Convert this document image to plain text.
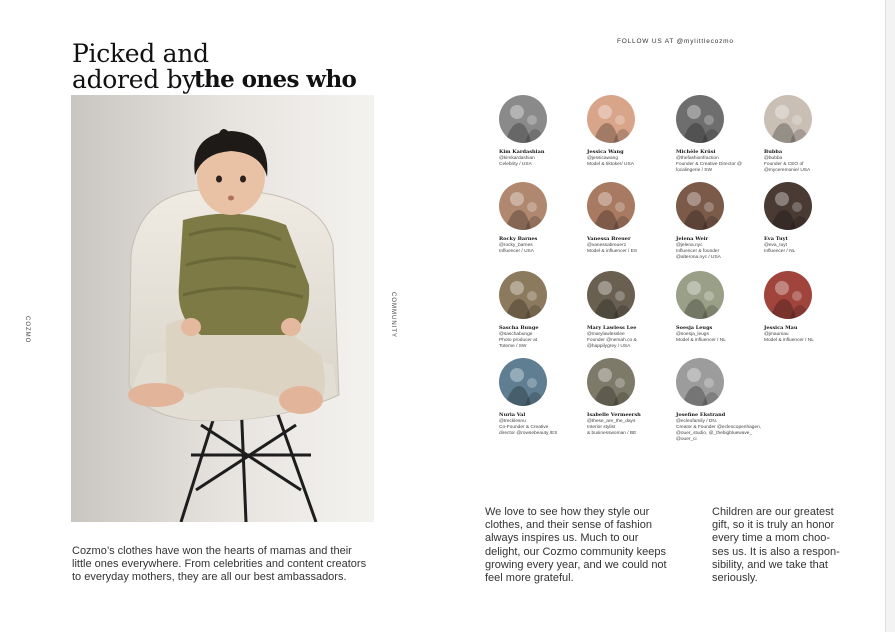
Picked and
adored by
the ones who
COZMO	COMMUNITY
FOLLOW US AT @mylittlecozmo
Kim Kardashian
@kimkardashian
Celebrity / USA
Jessica Wang
@jessicawang
Model & tiktoker/ USA
Michèle Krüsi
@thefashionfraction
Founder & Creative Director @
localingerie / SW
Bubba
@bubba
Founder & CEO of
@myceremonie/ USA
Rocky Barnes
@rocky_barnes
Influencer / USA
Vanessa Breuer
@vanessabreuer1
Model & influencer / ES
Jelena Weir
@jelena.nyc
Influencer & founder
@alterona.nyc / USA
Eva Tuyt
@eva_tuyt
Influencer / NL
Sascha Bunge
@saschabunge
Photo producer at
Toteme / SW
Mary Lawless Lee
@marylawlesslee
Founder @nemah.co &
@happilygrey / USA
Soesja Leugs
@soesja_leugs
Model & influencer / NL
Jessica Mau
@jmaumau
Model & influencer / NL
Nuria Val
@trecklesnu
Co-Founder & Creative
director @rowsebeauty /ES
Isabelle Vermeersh
@these_are_the_days
Interior stylist
& businesswoman / BE
Josefine Ekstrand
@ecleofamily / DN.
Creator & Founder @ecleocopenhagen,
@ouer_studio, @_thebigbluewave_
@ouer_ci
Cozmo’s clothes have won the hearts of mamas and their little ones everywhere. From celebrities and content creators to everyday mothers, they are all our best ambassadors.
We love to see how they style our clothes, and their sense of fashion always inspires us. Much to our delight, our Cozmo community keeps growing every year, and we could not feel more grateful.
Children are our greatest gift, so it is truly an honor every time a mom choo-ses us. It is also a respon-sibility, and we take that seriously.
